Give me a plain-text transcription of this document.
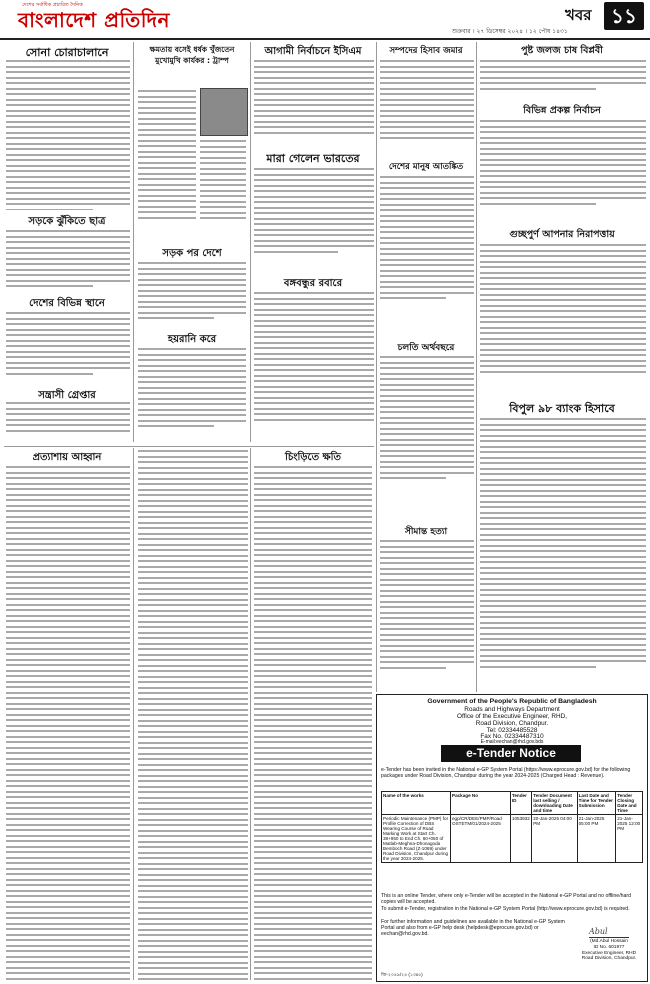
দেশের সর্বাধিক প্রচারিত দৈনিক
বাংলাদেশ প্রতিদিন	শুক্রবার । ২৭ ডিসেম্বর ২০২৪ । ১২ পৌষ ১৪৩১
খবর ১১
সোনা চোরাচালানে
সড়কে ঝুঁকিতে ছাত্র
দেশের বিভিন্ন স্থানে
সন্ত্রাসী গ্রেপ্তার
ক্ষমতায় বসেই ধর্ষক খুঁজতেন মুখোমুখি কার্যকর : ট্রাম্প
সড়ক পর দেশে
হয়রানি করে
আগামী নির্বাচনে ইসিএম
মারা গেলেন ভারতের
বঙ্গবন্ধুর রবারে
সম্পদের হিসাব জমার
দেশের মানুষ আতঙ্কিত
চলতি অর্থবছরে
সীমান্ত হত্যা
পুষ্ট জলজ চাষ বিপ্লবী
বিভিন্ন প্রকল্প নির্বাচন
গুচ্ছপুর্ণ আপনার নিরাপত্তায়
বিপুল ৯৮ ব্যাংক হিসাবে
প্রত্যাশায় আহ্বান	চিংড়িতে ক্ষতি
Government of the People's Republic of Bangladesh
Roads and Highways Department
Office of the Executive Engineer, RHD,
Road Division, Chandpur.
Tel: 02334485528
Fax No. 02334487310
E-mail:eechan@rhd.gov.bds
e-Tender Notice
e-Tender has been invited in the National e-GP System Portal (https://www.eprocure.gov.bd) for the following packages under Road Division, Chandpur during the year 2024-2025 (Charged Head : Revenue).
Name of the works	Package No	Tender ID	Tender Document last selling / downloading Date and time	Last Date and Time for Tender Submission	Tender Closing Date and Time
Periodic Maintenance (PMP) for Profile Correction of DBS Wearing Course of Road Marking Work at Start Ch. 38+950 to End Ch. 60+050 of Matlab-Meghna-Dhonagoda Bemboch Road (Z-1069) under Road Division, Chandpur during the year 2024-2025.	egp/CR/DEE/PMP/Road OSTETM/01/2024-2025	1053932	20-Jan-2025 04:00 PM	21-Jan-2025 05:00 PM	21-Jan-2025 12:00 PM
This is an online Tender, where only e-Tender will be accepted in the National e-GP Portal and no offline/hard copies will be accepted.
To submit e-Tender, registration in the National e-GP System Portal (http://www.eprocure.gov.bd) is required.
For further information and guidelines are available in the National e-GP System Portal and also from e-GP help desk (helpdesk@eprocure.gov.bd) or eechan@rhd.gov.bd.	Abul
(Md.Abul Hossain
ID No. 601977
Executive Engineer, RHD
Road Division, Chandpur.
জি-২০৪৯/২৪ (১৩x৫)
